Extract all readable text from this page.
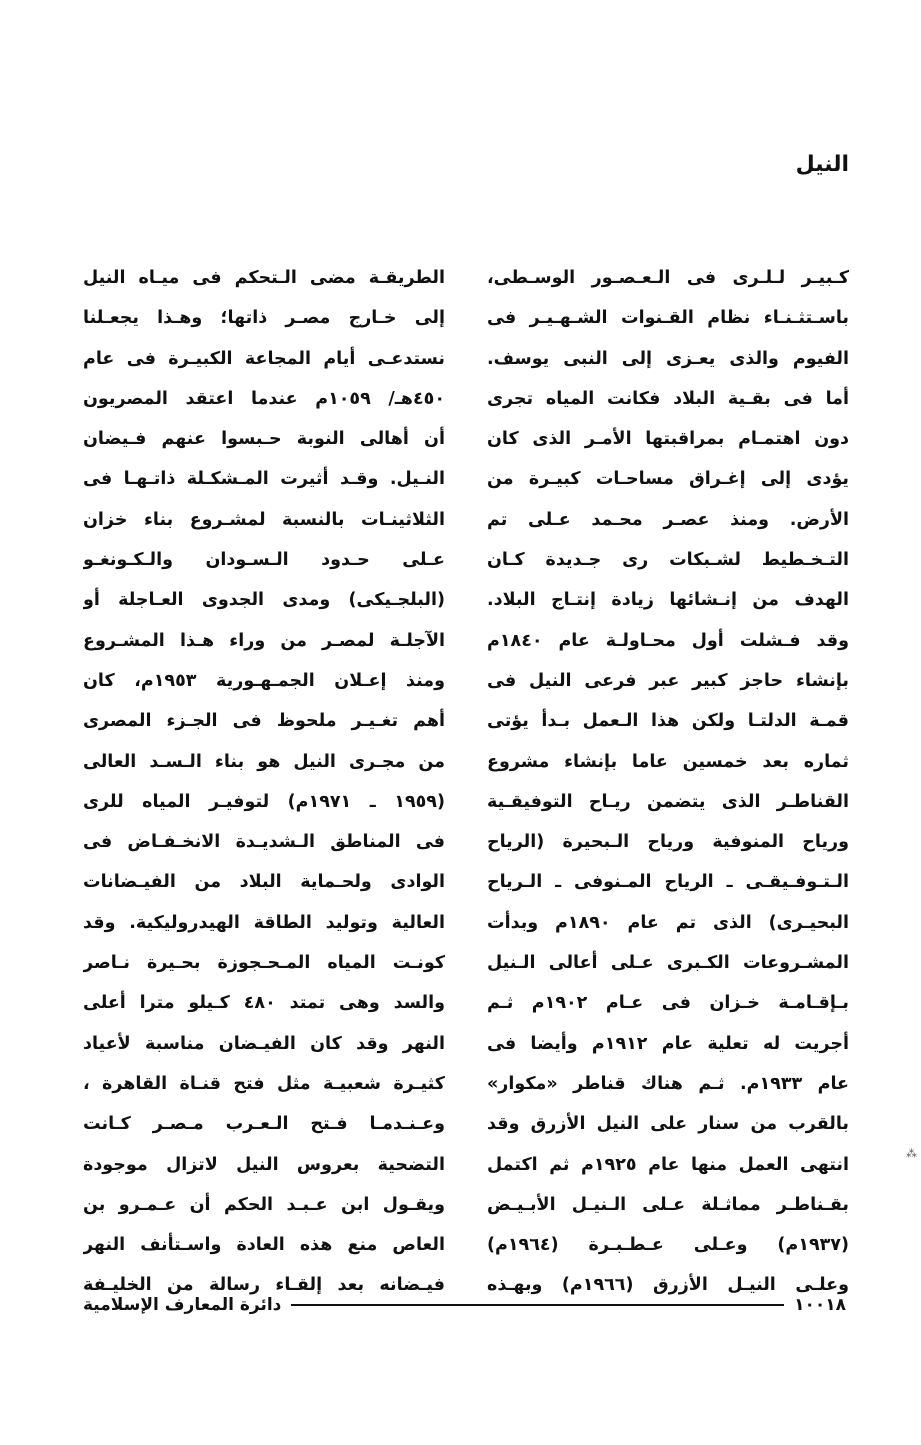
النيل
كـبيـر لـلـرى فى الـعـصـور الوسـطى،
باسـتثـنـاء نظام القـنوات الشـهـيـر فى
الفيوم والذى يعـزى إلى النبى يوسف.
أما فى بقـية البلاد فكانت المياه تجرى
دون اهتمـام بمراقبتها الأمـر الذى كان
يؤدى إلى إغـراق مساحـات كبيـرة من
الأرض. ومنذ عصـر محـمد عـلى تم
التـخـطيط لشـبكات رى جـديدة كـان
الهدف من إنـشائها زيادة إنتـاج البلاد.
وقد فـشلت أول محـاولـة عام ١٨٤٠م
بإنشاء حاجز كبير عبر فرعى النيل فى
قمـة الدلتـا ولكن هذا الـعمل بـدأ يؤتى
ثماره بعد خمسين عاما بإنشاء مشروع
القناطـر الذى يتضمن ريـاح التوفيقـية
ورياح المنوفية ورياح الـبحيرة (الرياح
الـتـوفـيقـى ـ الرياح المـنوفى ـ الـرياح
البحيـرى) الذى تم عام ١٨٩٠م وبدأت
المشـروعات الكـبرى عـلى أعالى الـنيل
بـإقـامـة خـزان فى عـام ١٩٠٢م ثـم
أجريت له تعلية عام ١٩١٢م وأيضا فى
عام ١٩٣٣م. ثـم هناك قناطر «مكوار»
بالقرب من سنار على النيل الأزرق وقد
انتهى العمل منها عام ١٩٢٥م ثم اكتمل
بقـناطـر مماثـلة عـلى الـنيـل الأبـيـض
(١٩٣٧م) وعـلى عـطـبـرة (١٩٦٤م)
وعلـى النيـل الأزرق (١٩٦٦م) وبهـذه
الطريقـة مضى الـتحكم فى ميـاه النيل
إلى خـارج مصـر ذاتها؛ وهـذا يجعـلنا
نستدعـى أيام المجاعة الكبيـرة فى عام
٤٥٠هـ/ ١٠٥٩م عندما اعتقد المصريون
أن أهالى النوبة حـبسوا عنهم فـيضان
النـيل. وقـد أثيرت المـشكـلة ذاتـهـا فى
الثلاثينـات بالنسبة لمشـروع بناء خزان
عـلى حـدود الـسـودان والـكـونغـو
(البلجـيكى) ومدى الجدوى العـاجلة أو
الآجلـة لمصـر من وراء هـذا المشـروع
ومنذ إعـلان الجمـهـورية ١٩٥٣م، كان
أهم تغـيـر ملحوظ فى الجـزء المصرى
من مجـرى النيل هو بناء الـسـد العالى
(١٩٥٩ ـ ١٩٧١م) لتوفيـر المياه للرى
فى المناطق الـشديـدة الانخـفـاض فى
الوادى ولحـماية البلاد من الفيـضانات
العالية وتوليد الطاقة الهيدروليكية. وقد
كونـت المياه المـحـجوزة بحـيرة نـاصر
والسد وهى تمتد ٤٨٠ كـيلو مترا أعلى
النهر وقد كان الفيـضان مناسبة لأعياد
كثيـرة شعبيـة مثل فتح قنـاة القاهرة ،
وعـنـدمـا فـتح الـعـرب مـصـر كـانت
التضحية بعروس النيل لاتزال موجودة
ويقـول ابن عـبـد الحكم أن عـمـرو بن
العاص منع هذه العادة واسـتأنف النهر
فيـضانه بعد إلقـاء رسالة من الخليـفة
١٠٠١٨
دائرة المعارف الإسلامية
⁂
